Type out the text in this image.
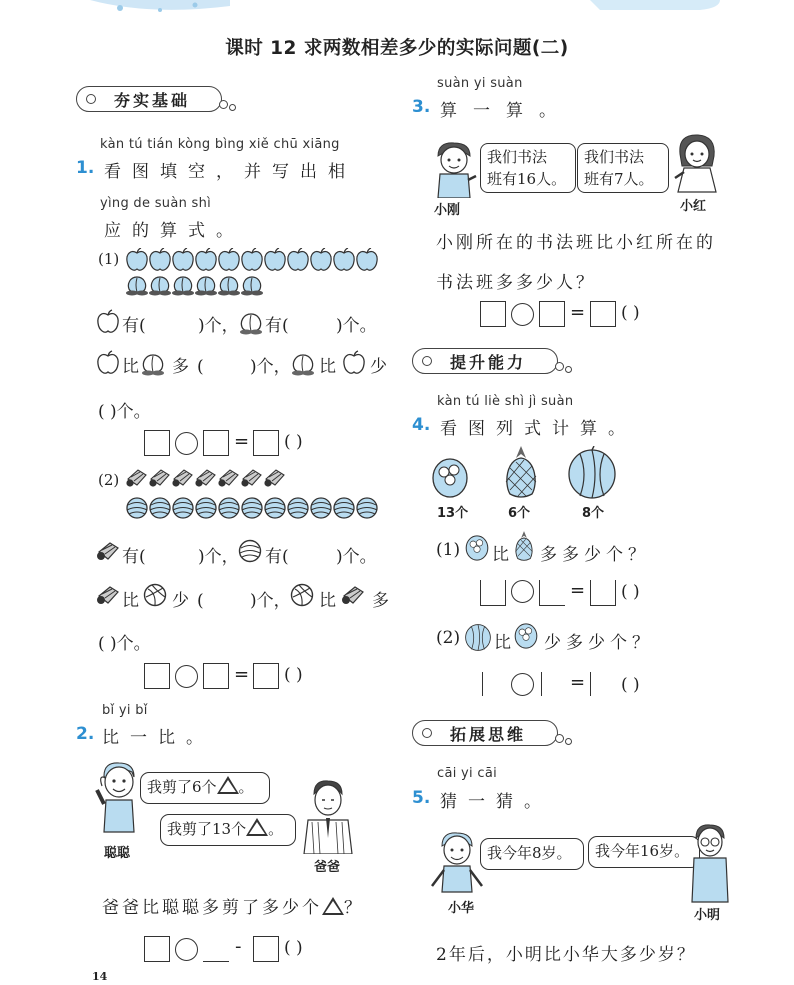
课时 12 求两数相差多少的实际问题(二)
夯实基础
kàn tú tián kòng bìng xiě chū xiāng
1. 看图填空，并写出相
yìng de suàn shì
应的算式。
(1)
有(	)个， 有(	)个。
比 多( )个， 比 少
( )个。
= ( )
(2)
有(	)个， 有(	)个。
比 少( )个， 比 多
( )个。
= ( )
bǐ yi bǐ
2. 比一比。
我剪了6个 。
聪聪
我剪了13个 。
爸爸
爸爸比聪聪多剪了多少个 ？
-	( )
suàn yi suàn
3. 算一算。
小刚
我们书法
班有16人。
我们书法
班有7人。
小红
小刚所在的书法班比小红所在的
书法班多多少人？
= ( )
提升能力
kàn tú liè shì jì suàn
4. 看图列式计算。
13个	6个	8个
(1) 比 多多少个？
= ( )
(2) 比 少多少个？
= ( )
拓展思维
cāi yi cāi
5. 猜一猜。
小华
我今年8岁。	我今年16岁。
小明
2年后，小明比小华大多少岁？
14
